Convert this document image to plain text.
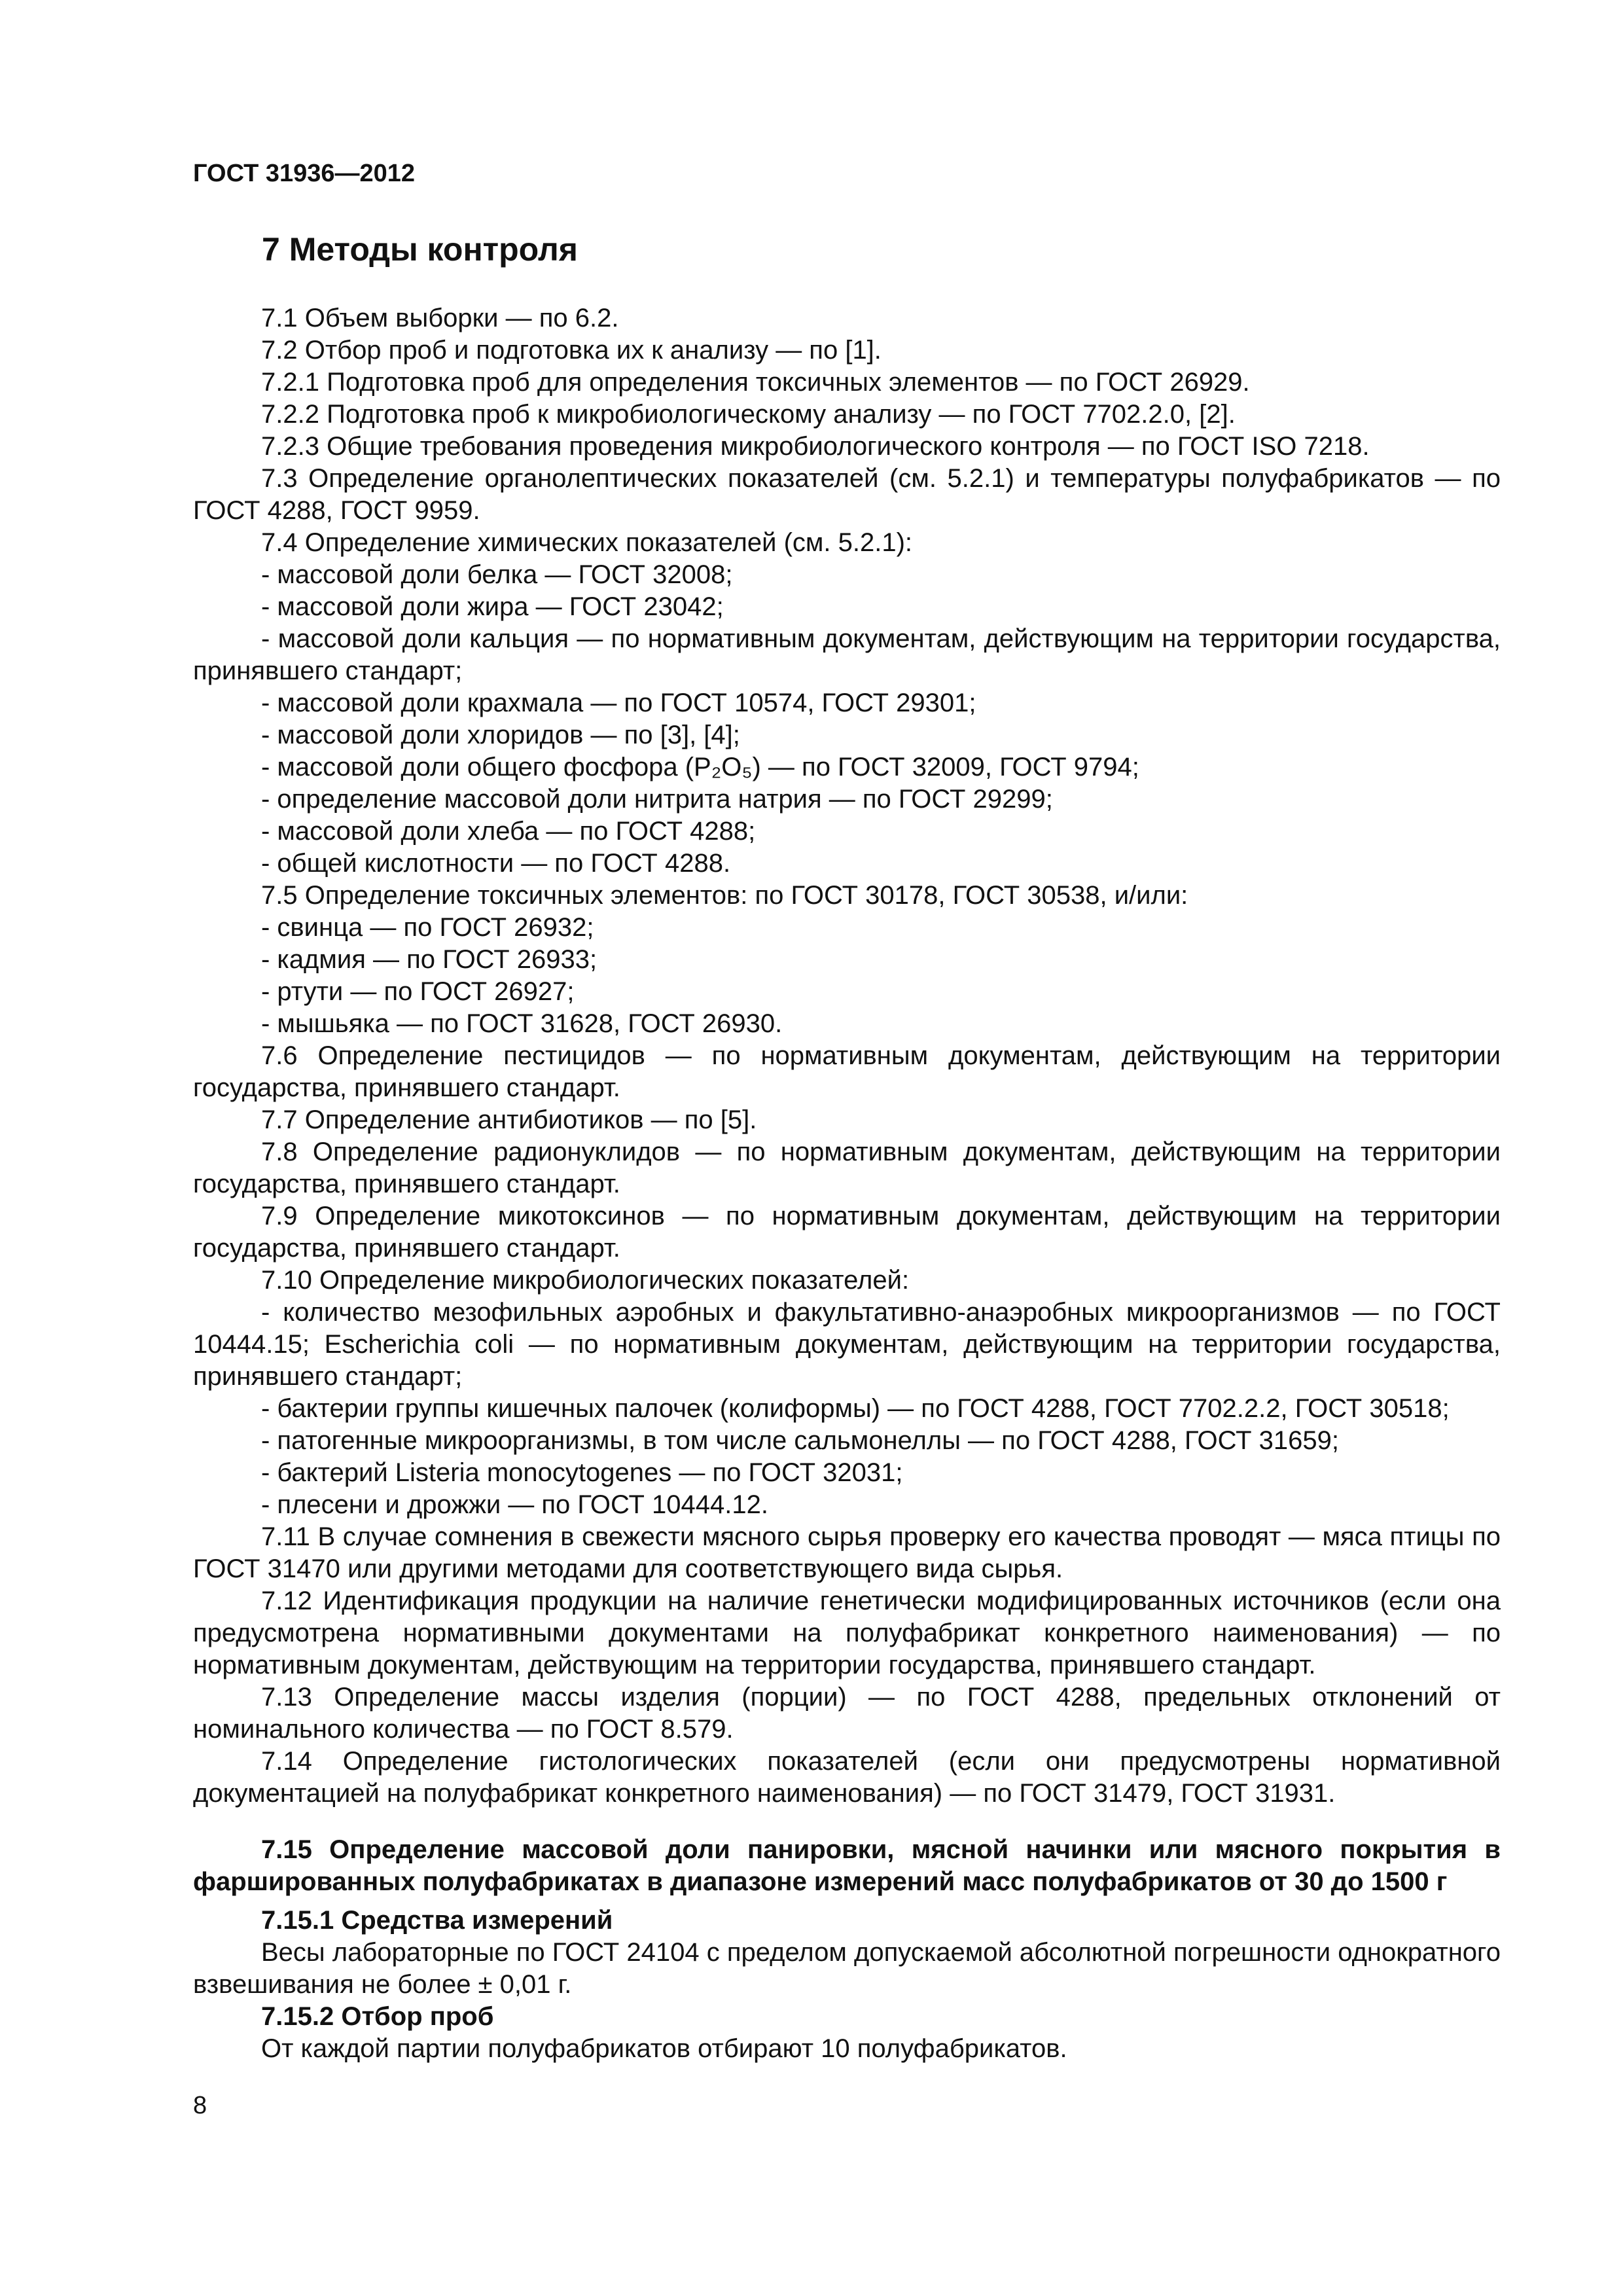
ГОСТ 31936—2012
7 Методы контроля

7.1 Объем выборки — по 6.2.

7.2 Отбор проб и подготовка их к анализу — по [1].

7.2.1 Подготовка проб для определения токсичных элементов — по ГОСТ 26929.

7.2.2 Подготовка проб к микробиологическому анализу — по ГОСТ 7702.2.0, [2].

7.2.3 Общие требования проведения микробиологического контроля — по ГОСТ ISO 7218.

7.3 Определение органолептических показателей (см. 5.2.1) и температуры полуфабрикатов — по ГОСТ 4288, ГОСТ 9959.

7.4 Определение химических показателей (см. 5.2.1):

- массовой доли белка — ГОСТ 32008;

- массовой доли жира — ГОСТ 23042;

- массовой доли кальция — по нормативным документам, действующим на территории государства, принявшего стандарт;

- массовой доли крахмала — по ГОСТ 10574, ГОСТ 29301;

- массовой доли хлоридов — по [3], [4];

- массовой доли общего фосфора (P₂O₅) — по ГОСТ 32009, ГОСТ 9794;

- определение массовой доли нитрита натрия — по ГОСТ 29299;

- массовой доли хлеба — по ГОСТ 4288;

- общей кислотности — по ГОСТ 4288.

7.5 Определение токсичных элементов: по ГОСТ 30178, ГОСТ 30538, и/или:

- свинца — по ГОСТ 26932;

- кадмия — по ГОСТ 26933;

- ртути — по ГОСТ 26927;

- мышьяка — по ГОСТ 31628, ГОСТ 26930.

7.6 Определение пестицидов — по нормативным документам, действующим на территории государства, принявшего стандарт.

7.7 Определение антибиотиков — по [5].

7.8 Определение радионуклидов — по нормативным документам, действующим на территории государства, принявшего стандарт.

7.9 Определение микотоксинов — по нормативным документам, действующим на территории государства, принявшего стандарт.

7.10 Определение микробиологических показателей:

- количество мезофильных аэробных и факультативно-анаэробных микроорганизмов — по ГОСТ 10444.15; Escherichia coli — по нормативным документам, действующим на территории государства, принявшего стандарт;

- бактерии группы кишечных палочек (колиформы) — по ГОСТ 4288, ГОСТ 7702.2.2, ГОСТ 30518;

- патогенные микроорганизмы, в том числе сальмонеллы — по ГОСТ 4288, ГОСТ 31659;

- бактерий Listeria monocytogenes — по ГОСТ 32031;

- плесени и дрожжи — по ГОСТ 10444.12.

7.11 В случае сомнения в свежести мясного сырья проверку его качества проводят — мяса птицы по ГОСТ 31470 или другими методами для соответствующего вида сырья.

7.12 Идентификация продукции на наличие генетически модифицированных источников (если она предусмотрена нормативными документами на полуфабрикат конкретного наименования) — по нормативным документам, действующим на территории государства, принявшего стандарт.

7.13 Определение массы изделия (порции) — по ГОСТ 4288, предельных отклонений от номинального количества — по ГОСТ 8.579.

7.14 Определение гистологических показателей (если они предусмотрены нормативной документацией на полуфабрикат конкретного наименования) — по ГОСТ 31479, ГОСТ 31931.

7.15 Определение массовой доли панировки, мясной начинки или мясного покрытия в фаршированных полуфабрикатах в диапазоне измерений масс полуфабрикатов от 30 до 1500 г

7.15.1 Средства измерений

Весы лабораторные по ГОСТ 24104 с пределом допускаемой абсолютной погрешности однократного взвешивания не более ± 0,01 г.

7.15.2 Отбор проб

От каждой партии полуфабрикатов отбирают 10 полуфабрикатов.

8
